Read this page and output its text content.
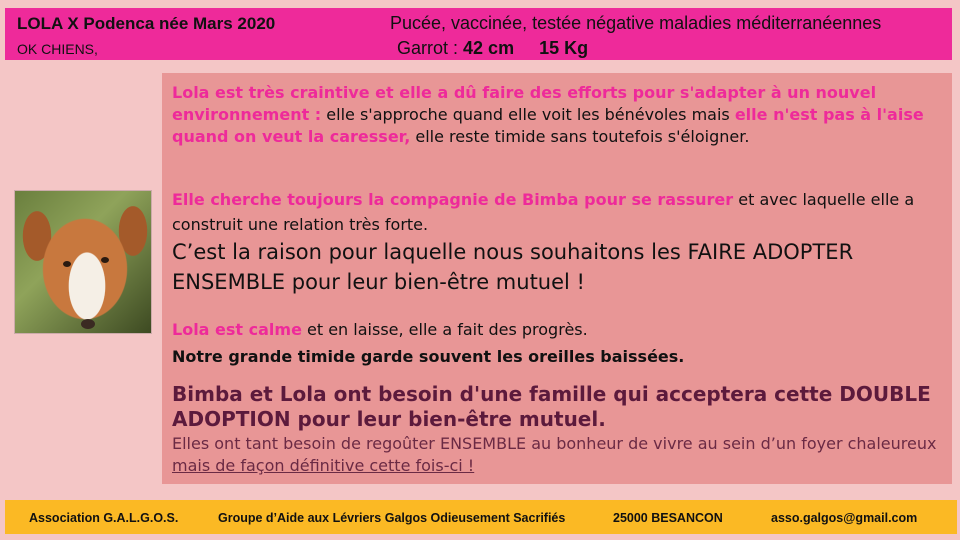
LOLA X Podenca née Mars 2020
OK CHIENS,
Pucée, vaccinée, testée négative maladies méditerranéennes
Garrot : 42 cm 15 Kg

Lola est très craintive et elle a dû faire des efforts pour s'adapter à un nouvel environnement : elle s'approche quand elle voit les bénévoles mais elle n'est pas à l'aise quand on veut la caresser, elle reste timide sans toutefois s'éloigner.

Elle cherche toujours la compagnie de Bimba pour se rassurer et avec laquelle elle a construit une relation très forte.

C’est la raison pour laquelle nous souhaitons les FAIRE ADOPTER ENSEMBLE pour leur bien-être mutuel !

Lola est calme et en laisse, elle a fait des progrès.
Notre grande timide garde souvent les oreilles baissées.

Bimba et Lola ont besoin d'une famille qui acceptera cette DOUBLE ADOPTION pour leur bien-être mutuel.
Elles ont tant besoin de regoûter ENSEMBLE au bonheur de vivre au sein d’un foyer chaleureux mais de façon définitive cette fois-ci !

Association G.A.L.G.O.S.	Groupe d’Aide aux Lévriers Galgos Odieusement Sacrifiés	25000 BESANCON	asso.galgos@gmail.com
